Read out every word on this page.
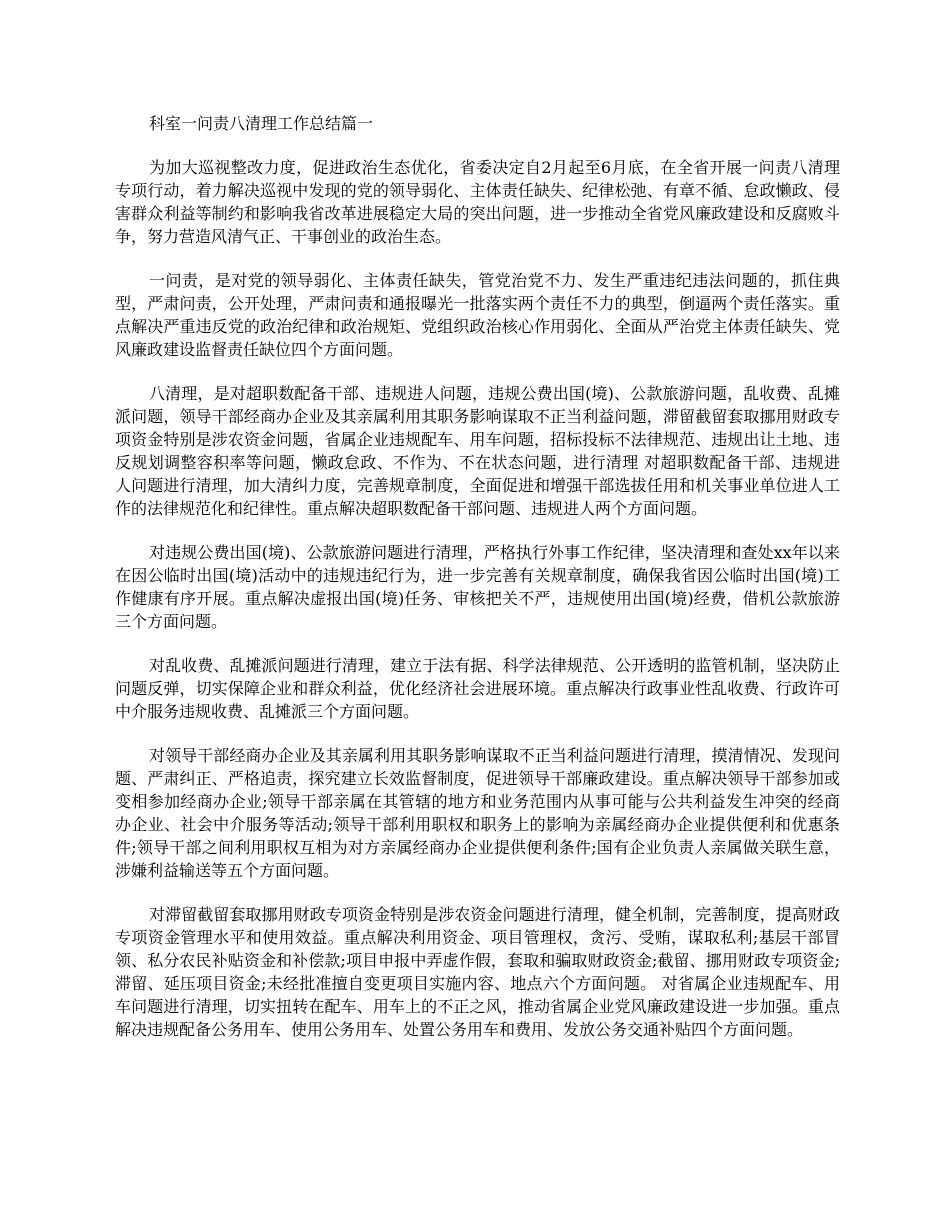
科室一问责八清理工作总结篇一

为加大巡视整改力度，促进政治生态优化，省委决定自2月起至6月底，在全省开展一问责八清理专项行动，着力解决巡视中发现的党的领导弱化、主体责任缺失、纪律松弛、有章不循、怠政懒政、侵害群众利益等制约和影响我省改革进展稳定大局的突出问题，进一步推动全省党风廉政建设和反腐败斗争，努力营造风清气正、干事创业的政治生态。

一问责，是对党的领导弱化、主体责任缺失，管党治党不力、发生严重违纪违法问题的，抓住典型，严肃问责，公开处理，严肃问责和通报曝光一批落实两个责任不力的典型，倒逼两个责任落实。重点解决严重违反党的政治纪律和政治规矩、党组织政治核心作用弱化、全面从严治党主体责任缺失、党风廉政建设监督责任缺位四个方面问题。

八清理，是对超职数配备干部、违规进人问题，违规公费出国(境)、公款旅游问题，乱收费、乱摊派问题，领导干部经商办企业及其亲属利用其职务影响谋取不正当利益问题，滞留截留套取挪用财政专项资金特别是涉农资金问题，省属企业违规配车、用车问题，招标投标不法律规范、违规出让土地、违反规划调整容积率等问题，懒政怠政、不作为、不在状态问题，进行清理 对超职数配备干部、违规进人问题进行清理，加大清纠力度，完善规章制度，全面促进和增强干部选拔任用和机关事业单位进人工作的法律规范化和纪律性。重点解决超职数配备干部问题、违规进人两个方面问题。

对违规公费出国(境)、公款旅游问题进行清理，严格执行外事工作纪律，坚决清理和查处xx年以来在因公临时出国(境)活动中的违规违纪行为，进一步完善有关规章制度，确保我省因公临时出国(境)工作健康有序开展。重点解决虚报出国(境)任务、审核把关不严，违规使用出国(境)经费，借机公款旅游三个方面问题。

对乱收费、乱摊派问题进行清理，建立于法有据、科学法律规范、公开透明的监管机制，坚决防止问题反弹，切实保障企业和群众利益，优化经济社会进展环境。重点解决行政事业性乱收费、行政许可中介服务违规收费、乱摊派三个方面问题。

对领导干部经商办企业及其亲属利用其职务影响谋取不正当利益问题进行清理，摸清情况、发现问题、严肃纠正、严格追责，探究建立长效监督制度，促进领导干部廉政建设。重点解决领导干部参加或变相参加经商办企业;领导干部亲属在其管辖的地方和业务范围内从事可能与公共利益发生冲突的经商办企业、社会中介服务等活动;领导干部利用职权和职务上的影响为亲属经商办企业提供便利和优惠条件;领导干部之间利用职权互相为对方亲属经商办企业提供便利条件;国有企业负责人亲属做关联生意，涉嫌利益输送等五个方面问题。

对滞留截留套取挪用财政专项资金特别是涉农资金问题进行清理，健全机制，完善制度，提高财政专项资金管理水平和使用效益。重点解决利用资金、项目管理权，贪污、受贿，谋取私利;基层干部冒领、私分农民补贴资金和补偿款;项目申报中弄虚作假，套取和骗取财政资金;截留、挪用财政专项资金;滞留、延压项目资金;未经批准擅自变更项目实施内容、地点六个方面问题。 对省属企业违规配车、用车问题进行清理，切实扭转在配车、用车上的不正之风，推动省属企业党风廉政建设进一步加强。重点解决违规配备公务用车、使用公务用车、处置公务用车和费用、发放公务交通补贴四个方面问题。
